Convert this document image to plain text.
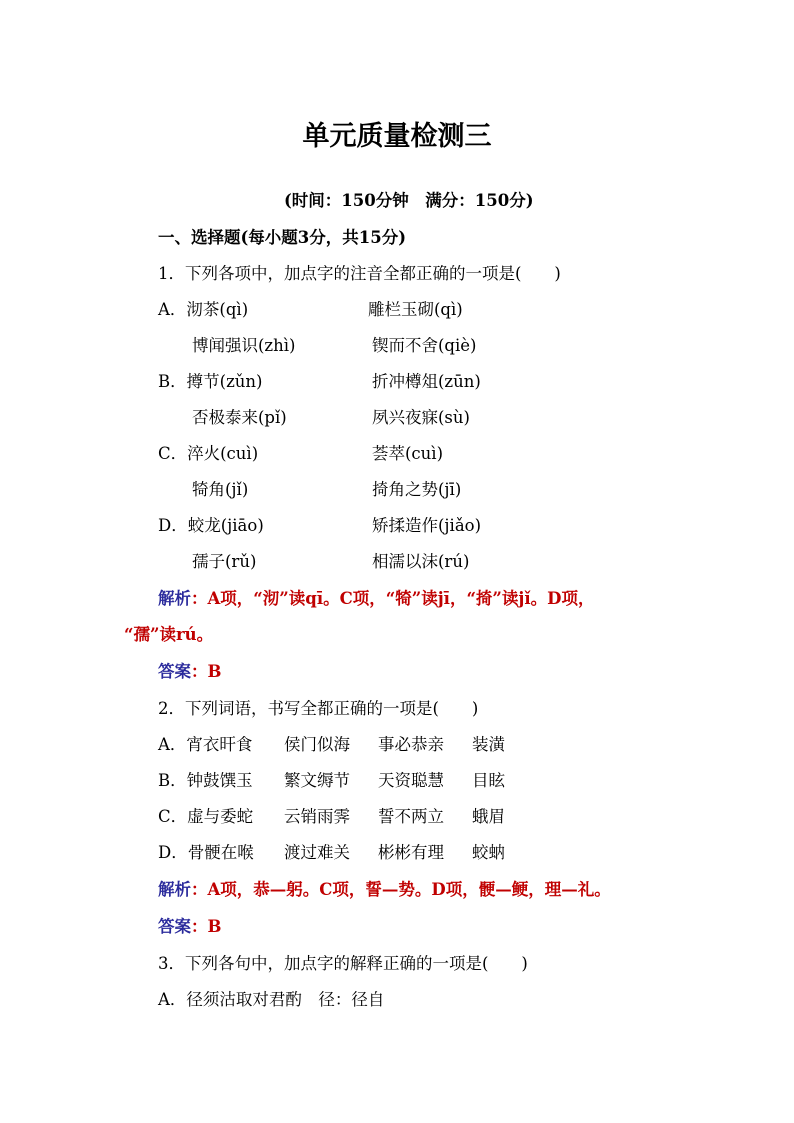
单元质量检测三
(时间：150分钟　满分：150分)
一、选择题(每小题3分，共15分)
1．下列各项中，加点字的注音全都正确的一项是(　　)
A．沏茶(qì)	雕栏玉砌(qì)
博闻强识(zhì)	锲而不舍(qiè)
B．撙节(zǔn)	折冲樽俎(zūn)
否极泰来(pǐ)	夙兴夜寐(sù)
C．淬火(cuì)	荟萃(cuì)
犄角(jǐ)	掎角之势(jī)
D．蛟龙(jiāo)	矫揉造作(jiǎo)
孺子(rǔ)	相濡以沫(rú)
解析：A项，“沏”读qī。C项，“犄”读jī，“掎”读jǐ。D项，
“孺”读rú。
答案：B
2．下列词语，书写全都正确的一项是(　　)
A．宵衣旰食 侯门似海 事必恭亲 装潢
B．钟鼓馔玉 繁文缛节 天资聪慧 目眩
C．虚与委蛇 云销雨霁 誓不两立 蛾眉
D．骨骾在喉 渡过难关 彬彬有理 蛟蚋
解析：A项，恭—躬。C项，誓—势。D项，骾—鲠，理—礼。
答案：B
3．下列各句中，加点字的解释正确的一项是(　　)
A．径须沽取对君酌　径：径自
